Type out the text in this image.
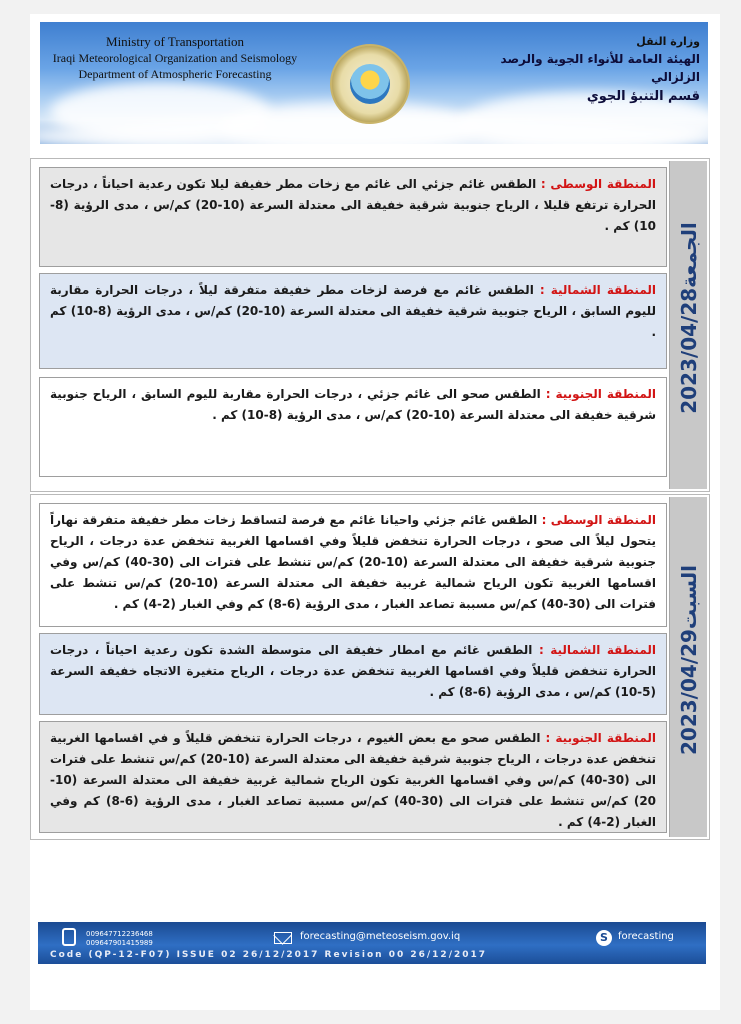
Ministry of Transportation
Iraqi Meteorological Organization and Seismology
Department of Atmospheric Forecasting
وزارة النقل
الهيئة العامة للأنواء الجوية والرصد الزلزالي
قسم التنبؤ الجوي
المنطقة الوسطى : الطقس غائم جزئي الى غائم مع زخات مطر خفيفة ليلا تكون رعدية احياناً ، درجات الحرارة ترتفع قليلا ، الرياح جنوبية شرقية خفيفة الى معتدلة السرعة (10-20) كم/س ، مدى الرؤية (8-10) كم .
المنطقة الشمالية : الطقس غائم مع فرصة لزخات مطر خفيفة متفرقة ليلاً ، درجات الحرارة مقاربة لليوم السابق ، الرياح جنوبية شرقية خفيفة الى معتدلة السرعة (10-20) كم/س ، مدى الرؤية (8-10) كم .
المنطقة الجنوبية : الطقس صحو الى غائم جزئي ، درجات الحرارة مقاربة لليوم السابق ، الرياح جنوبية شرقية خفيفة الى معتدلة السرعة (10-20) كم/س ، مدى الرؤية (8-10) كم .
الجمعة2023/04/28
المنطقة الوسطى : الطقس غائم جزئي واحيانا غائم مع فرصة لتساقط زخات مطر خفيفة متفرقة نهاراً يتحول ليلاً الى صحو ، درجات الحرارة تنخفض قليلاً وفي اقسامها الغربية تنخفض عدة درجات ، الرياح جنوبية شرقية خفيفة الى معتدلة السرعة (10-20) كم/س تنشط على فترات الى (30-40) كم/س وفي اقسامها الغربية تكون الرياح شمالية غربية خفيفة الى معتدلة السرعة (10-20) كم/س تنشط على فترات الى (30-40) كم/س مسببة تصاعد الغبار ، مدى الرؤية (6-8) كم وفي الغبار (2-4) كم .
المنطقة الشمالية : الطقس غائم مع امطار خفيفة الى متوسطة الشدة تكون رعدية احياناً ، درجات الحرارة تنخفض قليلاً وفي اقسامها الغربية تنخفض عدة درجات ، الرياح متغيرة الاتجاه خفيفة السرعة (5-10) كم/س ، مدى الرؤية (6-8) كم .
المنطقة الجنوبية : الطقس صحو مع بعض الغيوم ، درجات الحرارة تنخفض قليلاً و في اقسامها الغربية تنخفض عدة درجات ، الرياح جنوبية شرقية خفيفة الى معتدلة السرعة (10-20) كم/س تنشط على فترات الى (30-40) كم/س وفي اقسامها الغربية تكون الرياح شمالية غربية خفيفة الى معتدلة السرعة (10-20) كم/س تنشط على فترات الى (30-40) كم/س مسببة تصاعد الغبار ، مدى الرؤية (6-8) كم وفي الغبار (2-4) كم .
السبت2023/04/29
009647712236468
009647901415989
forecasting@meteoseism.gov.iq	S	forecasting
Code (QP-12-F07) ISSUE 02 26/12/2017 Revision 00 26/12/2017
